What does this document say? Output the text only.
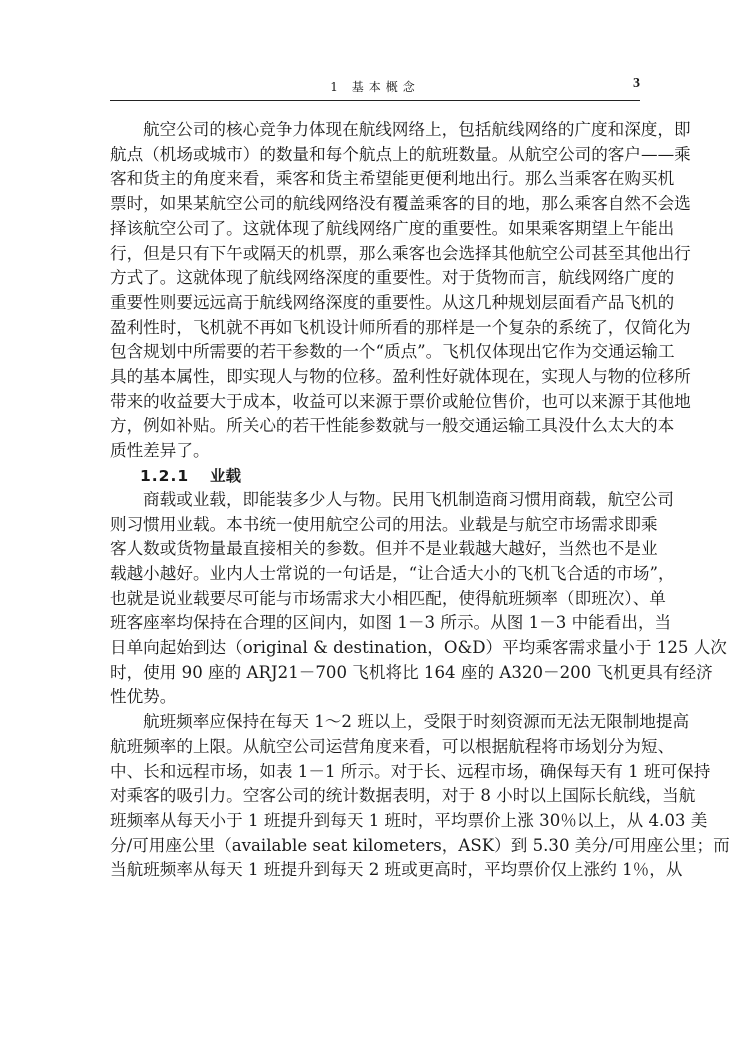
1 基本概念	3

航空公司的核心竞争力体现在航线网络上，包括航线网络的广度和深度，即
航点（机场或城市）的数量和每个航点上的航班数量。从航空公司的客户——乘
客和货主的角度来看，乘客和货主希望能更便利地出行。那么当乘客在购买机
票时，如果某航空公司的航线网络没有覆盖乘客的目的地，那么乘客自然不会选
择该航空公司了。这就体现了航线网络广度的重要性。如果乘客期望上午能出
行，但是只有下午或隔天的机票，那么乘客也会选择其他航空公司甚至其他出行
方式了。这就体现了航线网络深度的重要性。对于货物而言，航线网络广度的
重要性则要远远高于航线网络深度的重要性。从这几种规划层面看产品飞机的
盈利性时，飞机就不再如飞机设计师所看的那样是一个复杂的系统了，仅简化为
包含规划中所需要的若干参数的一个“质点”。飞机仅体现出它作为交通运输工
具的基本属性，即实现人与物的位移。盈利性好就体现在，实现人与物的位移所
带来的收益要大于成本，收益可以来源于票价或舱位售价，也可以来源于其他地
方，例如补贴。所关心的若干性能参数就与一般交通运输工具没什么太大的本
质性差异了。

1.2.1 业载

商载或业载，即能装多少人与物。民用飞机制造商习惯用商载，航空公司
则习惯用业载。本书统一使用航空公司的用法。业载是与航空市场需求即乘
客人数或货物量最直接相关的参数。但并不是业载越大越好，当然也不是业
载越小越好。业内人士常说的一句话是，“让合适大小的飞机飞合适的市场”，
也就是说业载要尽可能与市场需求大小相匹配，使得航班频率（即班次）、单
班客座率均保持在合理的区间内，如图 1－3 所示。从图 1－3 中能看出，当
日单向起始到达（original & destination，O&D）平均乘客需求量小于 125 人次
时，使用 90 座的 ARJ21－700 飞机将比 164 座的 A320－200 飞机更具有经济
性优势。

航班频率应保持在每天 1～2 班以上，受限于时刻资源而无法无限制地提高
航班频率的上限。从航空公司运营角度来看，可以根据航程将市场划分为短、
中、长和远程市场，如表 1－1 所示。对于长、远程市场，确保每天有 1 班可保持
对乘客的吸引力。空客公司的统计数据表明，对于 8 小时以上国际长航线，当航
班频率从每天小于 1 班提升到每天 1 班时，平均票价上涨 30％以上，从 4.03 美
分/可用座公里（available seat kilometers，ASK）到 5.30 美分/可用座公里；而
当航班频率从每天 1 班提升到每天 2 班或更高时，平均票价仅上涨约 1％，从
